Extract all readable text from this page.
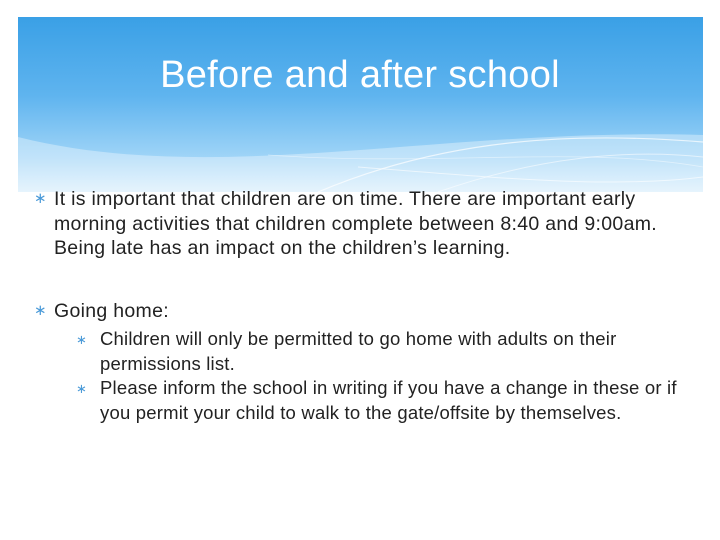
Before and after school
∗ It is important that children are on time. There are important early morning activities that children complete between 8:40 and 9:00am. Being late has an impact on the children’s learning.
∗ Going home:
∗ Children will only be permitted to go home with adults on their permissions list.
∗ Please inform the school in writing if you have a change in these or if you permit your child to walk to the gate/offsite by themselves.
